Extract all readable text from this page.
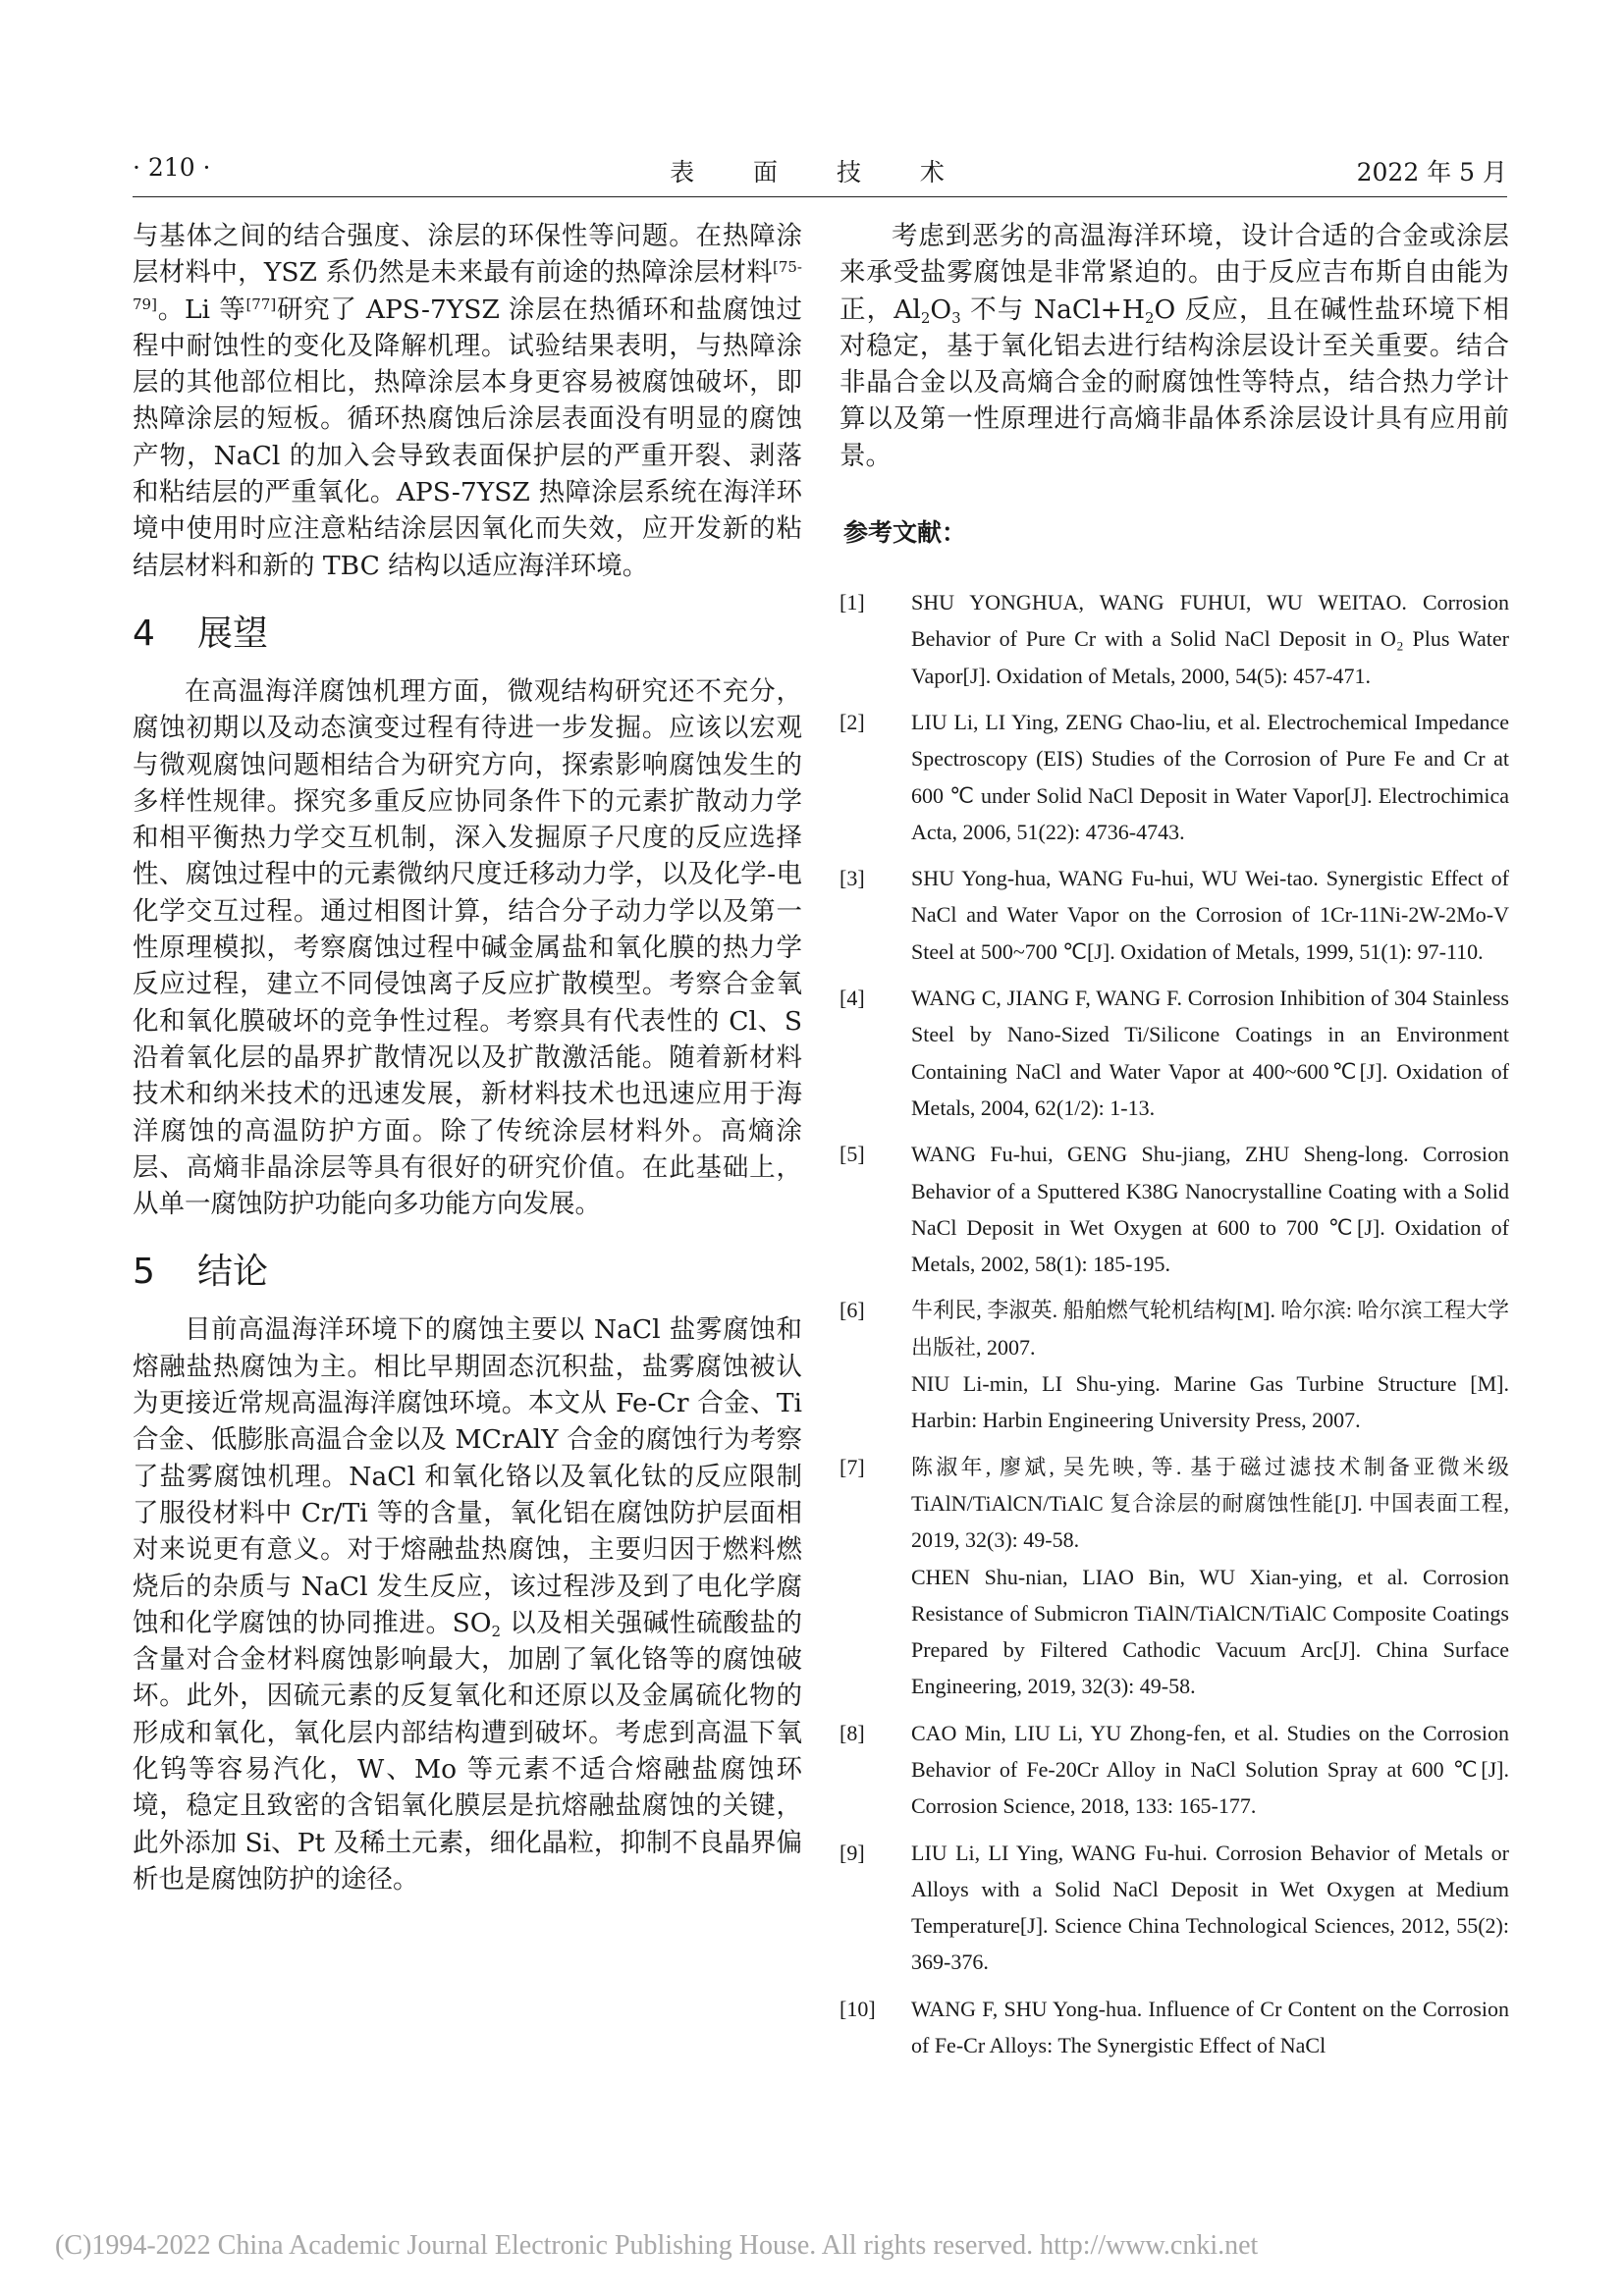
· 210 ·	表 面 技 术	2022 年 5 月

与基体之间的结合强度、涂层的环保性等问题。在热障涂层材料中，YSZ 系仍然是未来最有前途的热障涂层材料[75-79]。Li 等[77]研究了 APS-7YSZ 涂层在热循环和盐腐蚀过程中耐蚀性的变化及降解机理。试验结果表明，与热障涂层的其他部位相比，热障涂层本身更容易被腐蚀破坏，即热障涂层的短板。循环热腐蚀后涂层表面没有明显的腐蚀产物，NaCl 的加入会导致表面保护层的严重开裂、剥落和粘结层的严重氧化。APS-7YSZ 热障涂层系统在海洋环境中使用时应注意粘结涂层因氧化而失效，应开发新的粘结层材料和新的 TBC 结构以适应海洋环境。

4 展望

在高温海洋腐蚀机理方面，微观结构研究还不充分，腐蚀初期以及动态演变过程有待进一步发掘。应该以宏观与微观腐蚀问题相结合为研究方向，探索影响腐蚀发生的多样性规律。探究多重反应协同条件下的元素扩散动力学和相平衡热力学交互机制，深入发掘原子尺度的反应选择性、腐蚀过程中的元素微纳尺度迁移动力学，以及化学-电化学交互过程。通过相图计算，结合分子动力学以及第一性原理模拟，考察腐蚀过程中碱金属盐和氧化膜的热力学反应过程，建立不同侵蚀离子反应扩散模型。考察合金氧化和氧化膜破坏的竞争性过程。考察具有代表性的 Cl、S 沿着氧化层的晶界扩散情况以及扩散激活能。随着新材料技术和纳米技术的迅速发展，新材料技术也迅速应用于海洋腐蚀的高温防护方面。除了传统涂层材料外。高熵涂层、高熵非晶涂层等具有很好的研究价值。在此基础上，从单一腐蚀防护功能向多功能方向发展。

5 结论

目前高温海洋环境下的腐蚀主要以 NaCl 盐雾腐蚀和熔融盐热腐蚀为主。相比早期固态沉积盐，盐雾腐蚀被认为更接近常规高温海洋腐蚀环境。本文从 Fe-Cr 合金、Ti 合金、低膨胀高温合金以及 MCrAlY 合金的腐蚀行为考察了盐雾腐蚀机理。NaCl 和氧化铬以及氧化钛的反应限制了服役材料中 Cr/Ti 等的含量，氧化铝在腐蚀防护层面相对来说更有意义。对于熔融盐热腐蚀，主要归因于燃料燃烧后的杂质与 NaCl 发生反应，该过程涉及到了电化学腐蚀和化学腐蚀的协同推进。$SO_2$ 以及相关强碱性硫酸盐的含量对合金材料腐蚀影响最大，加剧了氧化铬等的腐蚀破坏。此外，因硫元素的反复氧化和还原以及金属硫化物的形成和氧化，氧化层内部结构遭到破坏。考虑到高温下氧化钨等容易汽化，W、Mo 等元素不适合熔融盐腐蚀环境，稳定且致密的含铝氧化膜层是抗熔融盐腐蚀的关键，此外添加 Si、Pt 及稀土元素，细化晶粒，抑制不良晶界偏析也是腐蚀防护的途径。

考虑到恶劣的高温海洋环境，设计合适的合金或涂层来承受盐雾腐蚀是非常紧迫的。由于反应吉布斯自由能为正，$Al_2O_3$ 不与 $NaCl+H_2O$ 反应，且在碱性盐环境下相对稳定，基于氧化铝去进行结构涂层设计至关重要。结合非晶合金以及高熵合金的耐腐蚀性等特点，结合热力学计算以及第一性原理进行高熵非晶体系涂层设计具有应用前景。

参考文献：
[1]	SHU YONGHUA, WANG FUHUI, WU WEITAO. Corrosion Behavior of Pure Cr with a Solid NaCl Deposit in O₂ Plus Water Vapor[J]. Oxidation of Metals, 2000, 54(5): 457-471.
[2]	LIU Li, LI Ying, ZENG Chao-liu, et al. Electrochemical Impedance Spectroscopy (EIS) Studies of the Corrosion of Pure Fe and Cr at 600 ℃ under Solid NaCl Deposit in Water Vapor[J]. Electrochimica Acta, 2006, 51(22): 4736-4743.
[3]	SHU Yong-hua, WANG Fu-hui, WU Wei-tao. Synergistic Effect of NaCl and Water Vapor on the Corrosion of 1Cr-11Ni-2W-2Mo-V Steel at 500~700 ℃[J]. Oxidation of Metals, 1999, 51(1): 97-110.
[4]	WANG C, JIANG F, WANG F. Corrosion Inhibition of 304 Stainless Steel by Nano-Sized Ti/Silicone Coatings in an Environment Containing NaCl and Water Vapor at 400~600℃[J]. Oxidation of Metals, 2004, 62(1/2): 1-13.
[5]	WANG Fu-hui, GENG Shu-jiang, ZHU Sheng-long. Corrosion Behavior of a Sputtered K38G Nanocrystalline Coating with a Solid NaCl Deposit in Wet Oxygen at 600 to 700 ℃[J]. Oxidation of Metals, 2002, 58(1): 185-195.
[6]	牛利民, 李淑英. 船舶燃气轮机结构[M]. 哈尔滨: 哈尔滨工程大学出版社, 2007.
NIU Li-min, LI Shu-ying. Marine Gas Turbine Structure [M]. Harbin: Harbin Engineering University Press, 2007.
[7]	陈淑年, 廖斌, 吴先映, 等. 基于磁过滤技术制备亚微米级 TiAlN/TiAlCN/TiAlC 复合涂层的耐腐蚀性能[J]. 中国表面工程, 2019, 32(3): 49-58.
CHEN Shu-nian, LIAO Bin, WU Xian-ying, et al. Corrosion Resistance of Submicron TiAlN/TiAlCN/TiAlC Composite Coatings Prepared by Filtered Cathodic Vacuum Arc[J]. China Surface Engineering, 2019, 32(3): 49-58.
[8]	CAO Min, LIU Li, YU Zhong-fen, et al. Studies on the Corrosion Behavior of Fe-20Cr Alloy in NaCl Solution Spray at 600 ℃[J]. Corrosion Science, 2018, 133: 165-177.
[9]	LIU Li, LI Ying, WANG Fu-hui. Corrosion Behavior of Metals or Alloys with a Solid NaCl Deposit in Wet Oxygen at Medium Temperature[J]. Science China Technological Sciences, 2012, 55(2): 369-376.
[10]	WANG F, SHU Yong-hua. Influence of Cr Content on the Corrosion of Fe-Cr Alloys: The Synergistic Effect of NaCl
(C)1994-2022 China Academic Journal Electronic Publishing House. All rights reserved. http://www.cnki.net
